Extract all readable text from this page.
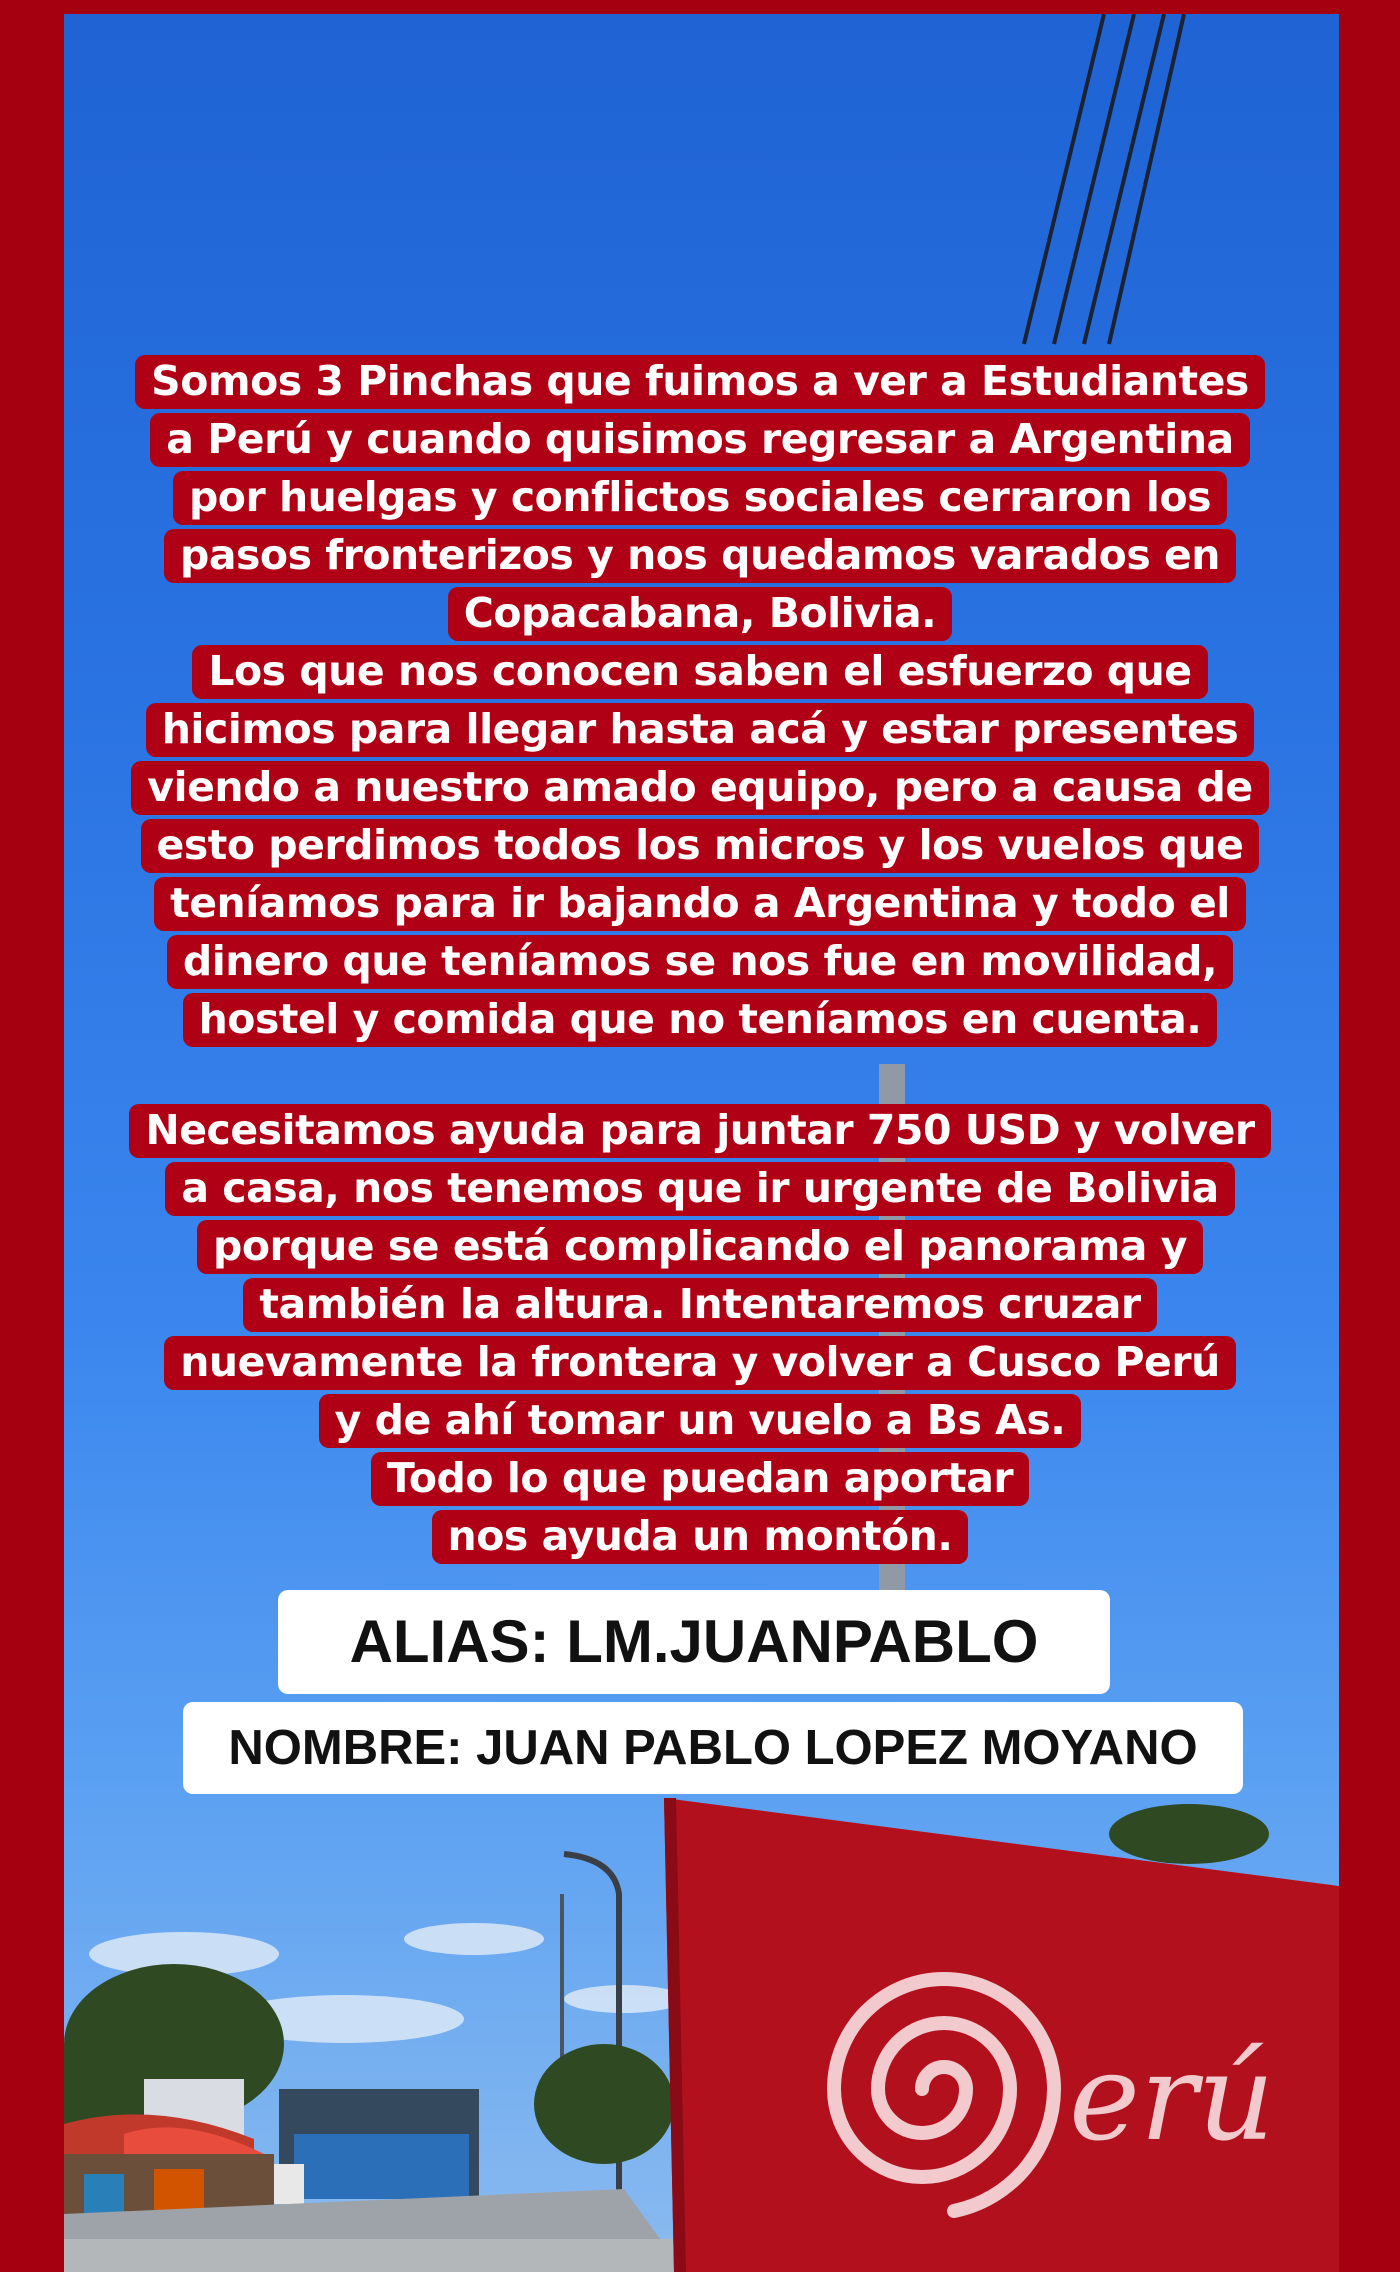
erú
Somos 3 Pinchas que fuimos a ver a Estudiantes
a Perú y cuando quisimos regresar a Argentina
por huelgas y conflictos sociales cerraron los
pasos fronterizos y nos quedamos varados en
Copacabana, Bolivia.
Los que nos conocen saben el esfuerzo que
hicimos para llegar hasta acá y estar presentes
viendo a nuestro amado equipo, pero a causa de
esto perdimos todos los micros y los vuelos que
teníamos para ir bajando a Argentina y todo el
dinero que teníamos se nos fue en movilidad,
hostel y comida que no teníamos en cuenta.
Necesitamos ayuda para juntar 750 USD y volver
a casa, nos tenemos que ir urgente de Bolivia
porque se está complicando el panorama y
también la altura. Intentaremos cruzar
nuevamente la frontera y volver a Cusco Perú
y de ahí tomar un vuelo a Bs As.
Todo lo que puedan aportar
nos ayuda un montón.
ALIAS: LM.JUANPABLO
NOMBRE: JUAN PABLO LOPEZ MOYANO
